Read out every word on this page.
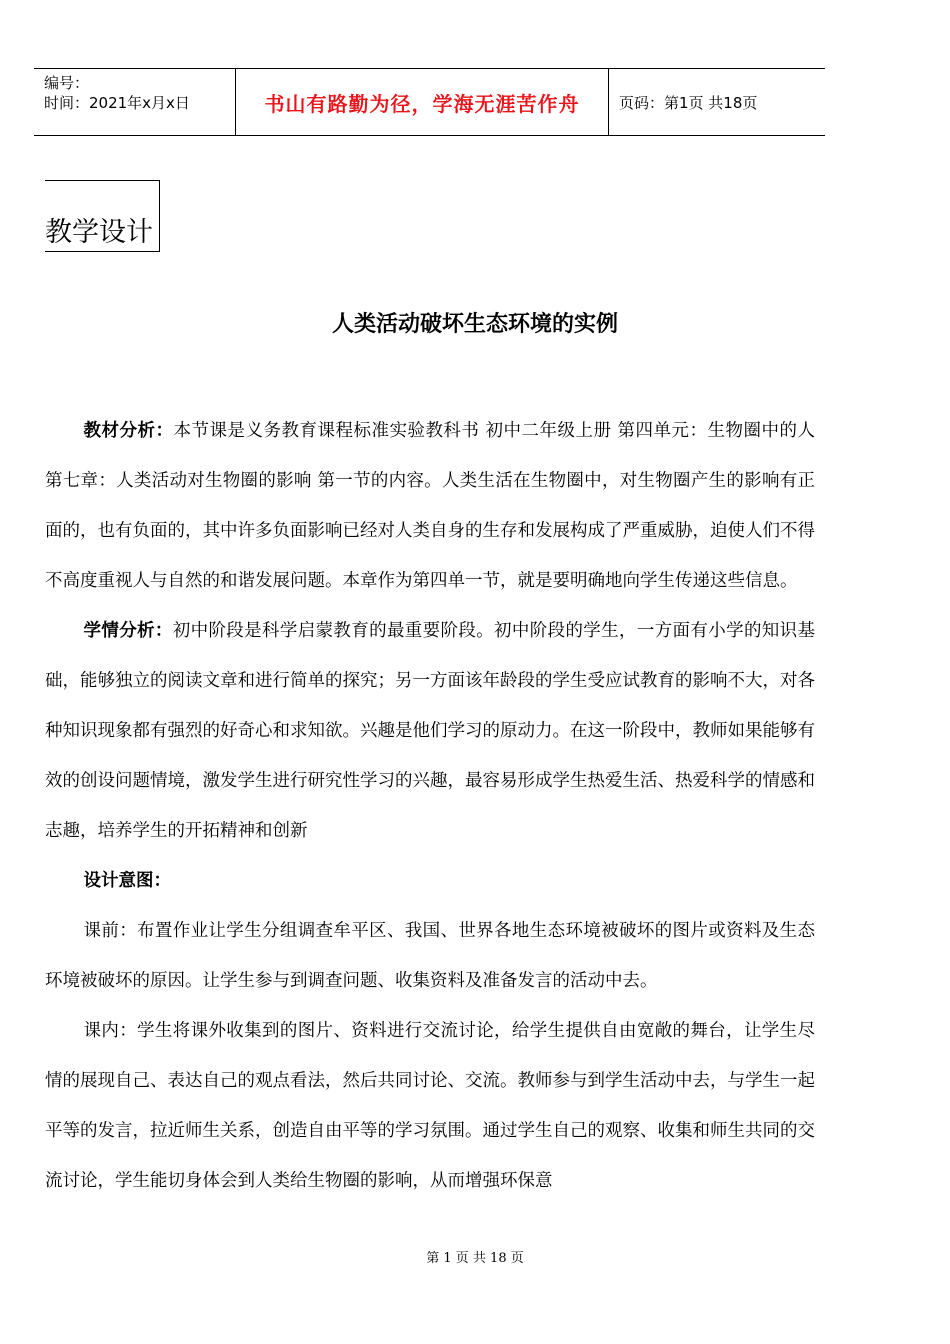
编号：
时间：2021年x月x日	书山有路勤为径，学海无涯苦作舟	页码：第1页 共18页
教学设计
人类活动破坏生态环境的实例

教材分析：本节课是义务教育课程标准实验教科书 初中二年级上册 第四单元：生物圈中的人 第七章：人类活动对生物圈的影响 第一节的内容。人类生活在生物圈中，对生物圈产生的影响有正面的，也有负面的，其中许多负面影响已经对人类自身的生存和发展构成了严重威胁，迫使人们不得不高度重视人与自然的和谐发展问题。本章作为第四单一节，就是要明确地向学生传递这些信息。

学情分析：初中阶段是科学启蒙教育的最重要阶段。初中阶段的学生，一方面有小学的知识基础，能够独立的阅读文章和进行简单的探究；另一方面该年龄段的学生受应试教育的影响不大，对各种知识现象都有强烈的好奇心和求知欲。兴趣是他们学习的原动力。在这一阶段中，教师如果能够有效的创设问题情境，激发学生进行研究性学习的兴趣，最容易形成学生热爱生活、热爱科学的情感和志趣，培养学生的开拓精神和创新

设计意图：

课前：布置作业让学生分组调查牟平区、我国、世界各地生态环境被破坏的图片或资料及生态环境被破坏的原因。让学生参与到调查问题、收集资料及准备发言的活动中去。

课内：学生将课外收集到的图片、资料进行交流讨论，给学生提供自由宽敞的舞台，让学生尽情的展现自己、表达自己的观点看法，然后共同讨论、交流。教师参与到学生活动中去，与学生一起平等的发言，拉近师生关系，创造自由平等的学习氛围。通过学生自己的观察、收集和师生共同的交流讨论，学生能切身体会到人类给生物圈的影响，从而增强环保意

第 1 页 共 18 页
